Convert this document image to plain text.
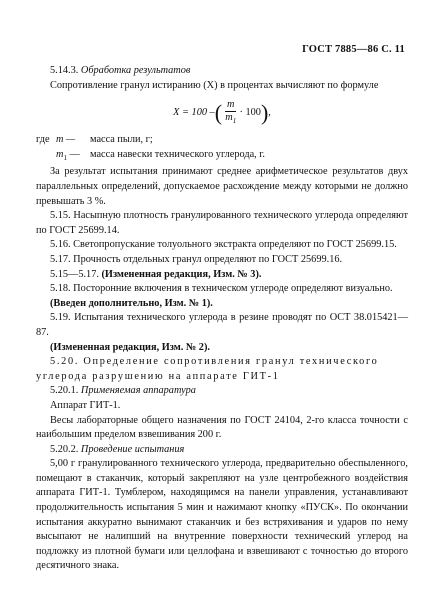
ГОСТ 7885—86 С. 11

5.14.3. Обработка результатов

Сопротивление гранул истиранию (X) в процентах вычисляют по формуле

X = 100 – ( $\frac{m}{m_1} \cdot 100$ ) ,
где m —	масса пыли, г;
$m_1$ — масса навески технического углерода, г.

За результат испытания принимают среднее арифметическое результатов двух параллельных определений, допускаемое расхождение между которыми не должно превышать 3 %.

5.15. Насыпную плотность гранулированного технического углерода определяют по ГОСТ 25699.14.

5.16. Светопропускание толуольного экстракта определяют по ГОСТ 25699.15.

5.17. Прочность отдельных гранул определяют по ГОСТ 25699.16.

5.15—5.17. (Измененная редакция, Изм. № 3).

5.18. Посторонние включения в техническом углероде определяют визуально.

(Введен дополнительно, Изм. № 1).

5.19. Испытания технического углерода в резине проводят по ОСТ 38.015421—87.

(Измененная редакция, Изм. № 2).

5.20. Определение сопротивления гранул технического углерода разрушению на аппарате ГИТ-1

5.20.1. Применяемая аппаратура

Аппарат ГИТ-1.

Весы лабораторные общего назначения по ГОСТ 24104, 2-го класса точности с наибольшим пределом взвешивания 200 г.

5.20.2. Проведение испытания

5,00 г гранулированного технического углерода, предварительно обеспыленного, помещают в стаканчик, который закрепляют на узле центробежного воздействия аппарата ГИТ-1. Тумблером, находящимся на панели управления, устанавливают продолжительность испытания 5 мин и нажимают кнопку «ПУСК». По окончании испытания аккуратно вынимают стаканчик и без встряхивания и ударов по нему высыпают не налипший на внутренние поверхности технический углерод на подложку из плотной бумаги или целлофана и взвешивают с точностью до второго десятичного знака.
